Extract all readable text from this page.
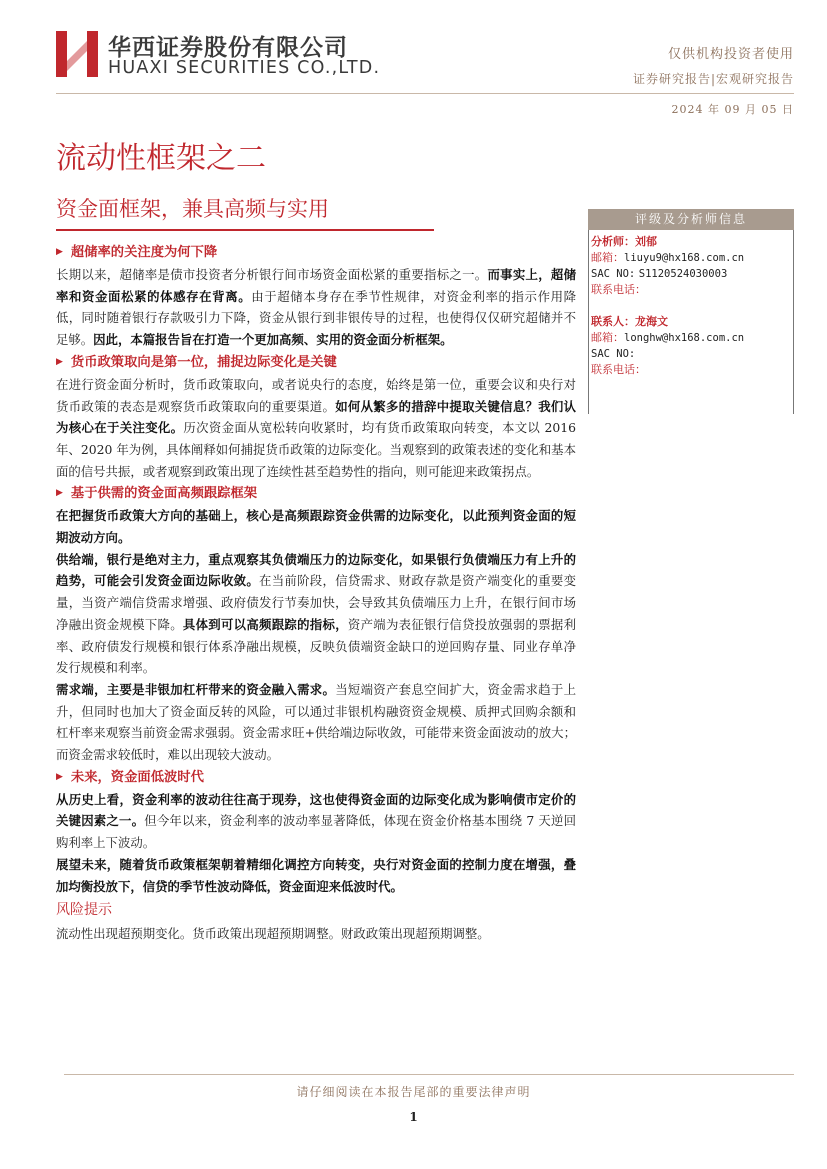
华西证券股份有限公司
HUAXI SECURITIES CO.,LTD.
仅供机构投资者使用
证券研究报告|宏观研究报告
2024 年 09 月 05 日
流动性框架之二
资金面框架，兼具高频与实用
▶ 超储率的关注度为何下降

长期以来，超储率是债市投资者分析银行间市场资金面松紧的重要指标之一。而事实上，超储率和资金面松紧的体感存在背离。由于超储本身存在季节性规律，对资金利率的指示作用降低，同时随着银行存款吸引力下降，资金从银行到非银传导的过程，也使得仅仅研究超储并不足够。因此，本篇报告旨在打造一个更加高频、实用的资金面分析框架。

▶ 货币政策取向是第一位，捕捉边际变化是关键

在进行资金面分析时，货币政策取向，或者说央行的态度，始终是第一位，重要会议和央行对货币政策的表态是观察货币政策取向的重要渠道。如何从繁多的措辞中提取关键信息？我们认为核心在于关注变化。历次资金面从宽松转向收紧时，均有货币政策取向转变，本文以 2016 年、2020 年为例，具体阐释如何捕捉货币政策的边际变化。当观察到的政策表述的变化和基本面的信号共振，或者观察到政策出现了连续性甚至趋势性的指向，则可能迎来政策拐点。

▶ 基于供需的资金面高频跟踪框架

在把握货币政策大方向的基础上，核心是高频跟踪资金供需的边际变化，以此预判资金面的短期波动方向。

供给端，银行是绝对主力，重点观察其负债端压力的边际变化，如果银行负债端压力有上升的趋势，可能会引发资金面边际收敛。在当前阶段，信贷需求、财政存款是资产端变化的重要变量，当资产端信贷需求增强、政府债发行节奏加快，会导致其负债端压力上升，在银行间市场净融出资金规模下降。具体到可以高频跟踪的指标，资产端为表征银行信贷投放强弱的票据利率、政府债发行规模和银行体系净融出规模，反映负债端资金缺口的逆回购存量、同业存单净发行规模和利率。

需求端，主要是非银加杠杆带来的资金融入需求。当短端资产套息空间扩大，资金需求趋于上升，但同时也加大了资金面反转的风险，可以通过非银机构融资资金规模、质押式回购余额和杠杆率来观察当前资金需求强弱。资金需求旺+供给端边际收敛，可能带来资金面波动的放大；而资金需求较低时，难以出现较大波动。

▶ 未来，资金面低波时代

从历史上看，资金利率的波动往往高于现券，这也使得资金面的边际变化成为影响债市定价的关键因素之一。但今年以来，资金利率的波动率显著降低，体现在资金价格基本围绕 7 天逆回购利率上下波动。

展望未来，随着货币政策框架朝着精细化调控方向转变，央行对资金面的控制力度在增强，叠加均衡投放下，信贷的季节性波动降低，资金面迎来低波时代。

风险提示

流动性出现超预期变化。货币政策出现超预期调整。财政政策出现超预期调整。

评级及分析师信息
分析师：刘郁
邮箱：liuyu9@hx168.com.cn
SAC NO: S1120524030003
联系电话：
联系人：龙海文
邮箱：longhw@hx168.com.cn
SAC NO:
联系电话：
请仔细阅读在本报告尾部的重要法律声明
1
